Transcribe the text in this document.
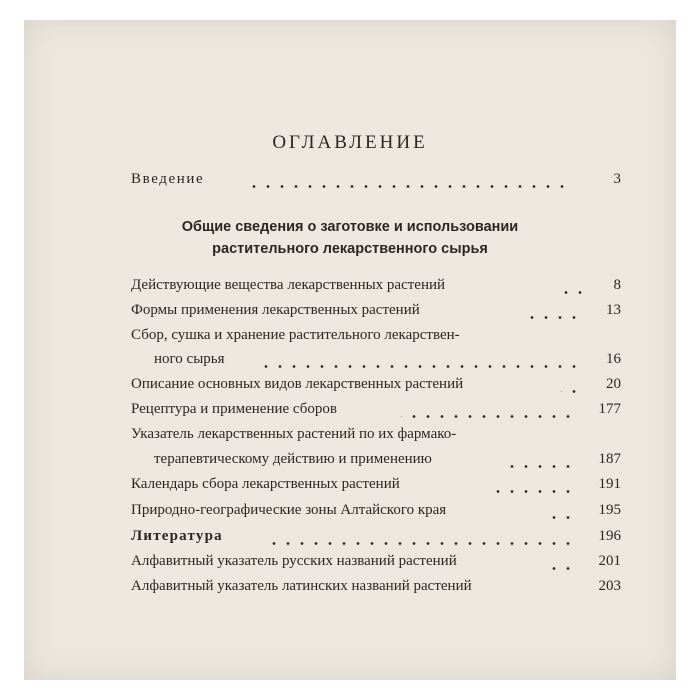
ОГЛАВЛЕНИЕ
Введение	3
Общие сведения о заготовке и использовании
растительного лекарственного сырья
Действующие вещества лекарственных растений	8
Формы применения лекарственных растений	13
Сбор, сушка и хранение растительного лекарствен-
ного сырья	16
Описание основных видов лекарственных растений	20
Рецептура и применение сборов	177
Указатель лекарственных растений по их фармако-
терапевтическому действию и применению	187
Календарь сбора лекарственных растений	191
Природно-географические зоны Алтайского края	195
Литература	196
Алфавитный указатель русских названий растений	201
Алфавитный указатель латинских названий растений	203
